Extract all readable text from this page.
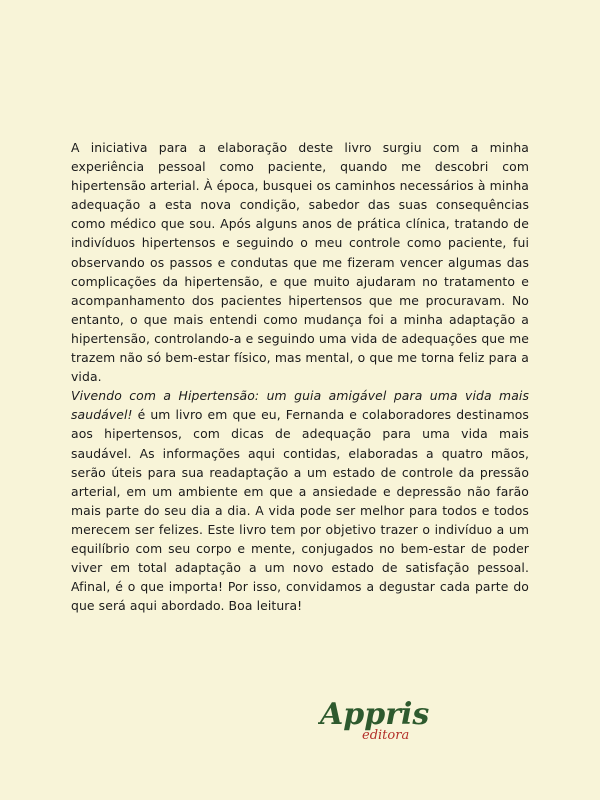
A iniciativa para a elaboração deste livro surgiu com a minha experiência pessoal como paciente, quando me descobri com hipertensão arterial. À época, busquei os caminhos necessários à minha adequação a esta nova condição, sabedor das suas consequências como médico que sou. Após alguns anos de prática clínica, tratando de indivíduos hipertensos e seguindo o meu controle como paciente, fui observando os passos e condutas que me fizeram vencer algumas das complicações da hipertensão, e que muito ajudaram no tratamento e acompanhamento dos pacientes hipertensos que me procuravam. No entanto, o que mais entendi como mudança foi a minha adaptação a hipertensão, controlando-a e seguindo uma vida de adequações que me trazem não só bem-estar físico, mas mental, o que me torna feliz para a vida.

Vivendo com a Hipertensão: um guia amigável para uma vida mais saudável! é um livro em que eu, Fernanda e colaboradores destinamos aos hipertensos, com dicas de adequação para uma vida mais saudável. As informações aqui contidas, elaboradas a quatro mãos, serão úteis para sua readaptação a um estado de controle da pressão arterial, em um ambiente em que a ansiedade e depressão não farão mais parte do seu dia a dia. A vida pode ser melhor para todos e todos merecem ser felizes. Este livro tem por objetivo trazer o indivíduo a um equilíbrio com seu corpo e mente, conjugados no bem-estar de poder viver em total adaptação a um novo estado de satisfação pessoal. Afinal, é o que importa! Por isso, convidamos a degustar cada parte do que será aqui abordado. Boa leitura!

Appris
editora
